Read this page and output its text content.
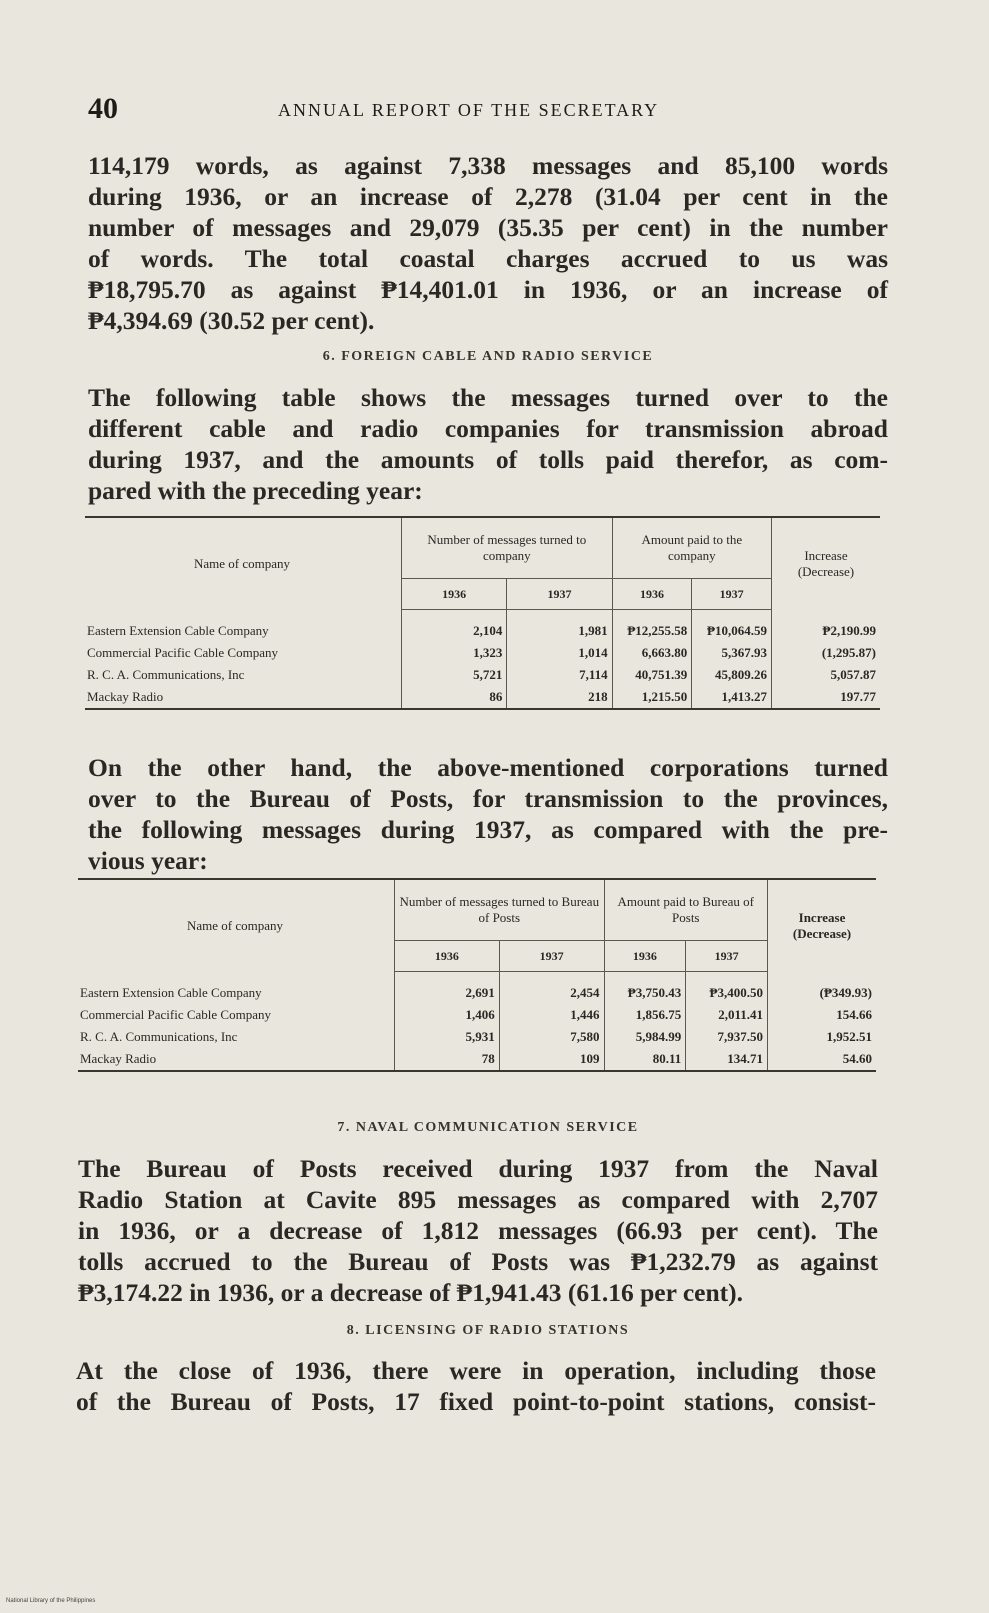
40	ANNUAL REPORT OF THE SECRETARY
114,179 words, as against 7,338 messages and 85,100 words
during 1936, or an increase of 2,278 (31.04 per cent in the
number of messages and 29,079 (35.35 per cent) in the number
of words. The total coastal charges accrued to us was
₱18,795.70 as against ₱14,401.01 in 1936, or an increase of
₱4,394.69 (30.52 per cent).
6. FOREIGN CABLE AND RADIO SERVICE
The following table shows the messages turned over to the
different cable and radio companies for transmission abroad
during 1937, and the amounts of tolls paid therefor, as com-
pared with the preceding year:

Name of company	Number of messages turned to company		Amount paid to the company		Increase (Decrease)
	1936	1937	1936	1937	
Eastern Extension Cable Company	2,104	1,981	₱12,255.58	₱10,064.59	₱2,190.99
Commercial Pacific Cable Company	1,323	1,014	6,663.80	5,367.93	(1,295.87)
R. C. A. Communications, Inc	5,721	7,114	40,751.39	45,809.26	5,057.87
Mackay Radio	86	218	1,215.50	1,413.27	197.77

On the other hand, the above-mentioned corporations turned
over to the Bureau of Posts, for transmission to the provinces,
the following messages during 1937, as compared with the pre-
vious year:

Name of company	Number of messages turned to Bureau of Posts		Amount paid to Bureau of Posts		Increase (Decrease)
	1936	1937	1936	1937	
Eastern Extension Cable Company	2,691	2,454	₱3,750.43	₱3,400.50	(₱349.93)
Commercial Pacific Cable Company	1,406	1,446	1,856.75	2,011.41	154.66
R. C. A. Communications, Inc	5,931	7,580	5,984.99	7,937.50	1,952.51
Mackay Radio	78	109	80.11	134.71	54.60

7. NAVAL COMMUNICATION SERVICE
The Bureau of Posts received during 1937 from the Naval
Radio Station at Cavite 895 messages as compared with 2,707
in 1936, or a decrease of 1,812 messages (66.93 per cent). The
tolls accrued to the Bureau of Posts was ₱1,232.79 as against
₱3,174.22 in 1936, or a decrease of ₱1,941.43 (61.16 per cent).
8. LICENSING OF RADIO STATIONS
At the close of 1936, there were in operation, including those
of the Bureau of Posts, 17 fixed point-to-point stations, consist-
National Library of the Philippines
